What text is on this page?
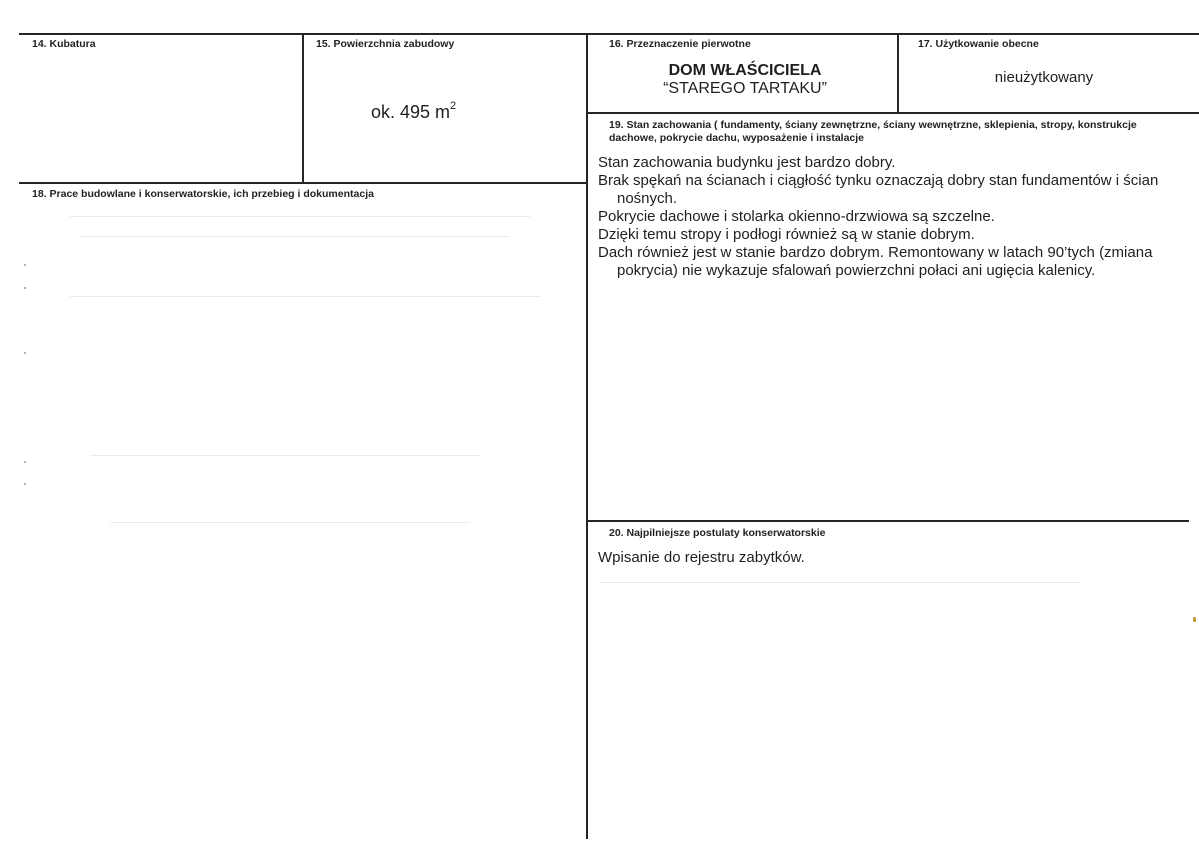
14. Kubatura	15. Powierzchnia zabudowy
ok. 495 $m^2$
16. Przeznaczenie pierwotne
DOM WŁAŚCICIELA
“STAREGO TARTAKU”
17. Użytkowanie obecne
nieużytkowany
18. Prace budowlane i konserwatorskie, ich przebieg i dokumentacja
19. Stan zachowania ( fundamenty, ściany zewnętrzne, ściany wewnętrzne, sklepienia, stropy, konstrukcje dachowe, pokrycie dachu, wyposażenie i instalacje

Stan zachowania budynku jest bardzo dobry.

Brak spękań na ścianach i ciągłość tynku oznaczają dobry stan fundamentów i ścian nośnych.

Pokrycie dachowe i stolarka okienno-drzwiowa są szczelne.

Dzięki temu stropy i podłogi również są w stanie dobrym.

Dach również jest w stanie bardzo dobrym. Remontowany w latach 90’tych (zmiana pokrycia) nie wykazuje sfalowań powierzchni połaci ani ugięcia kalenicy.

20. Najpilniejsze postulaty konserwatorskie
Wpisanie do rejestru zabytków.
